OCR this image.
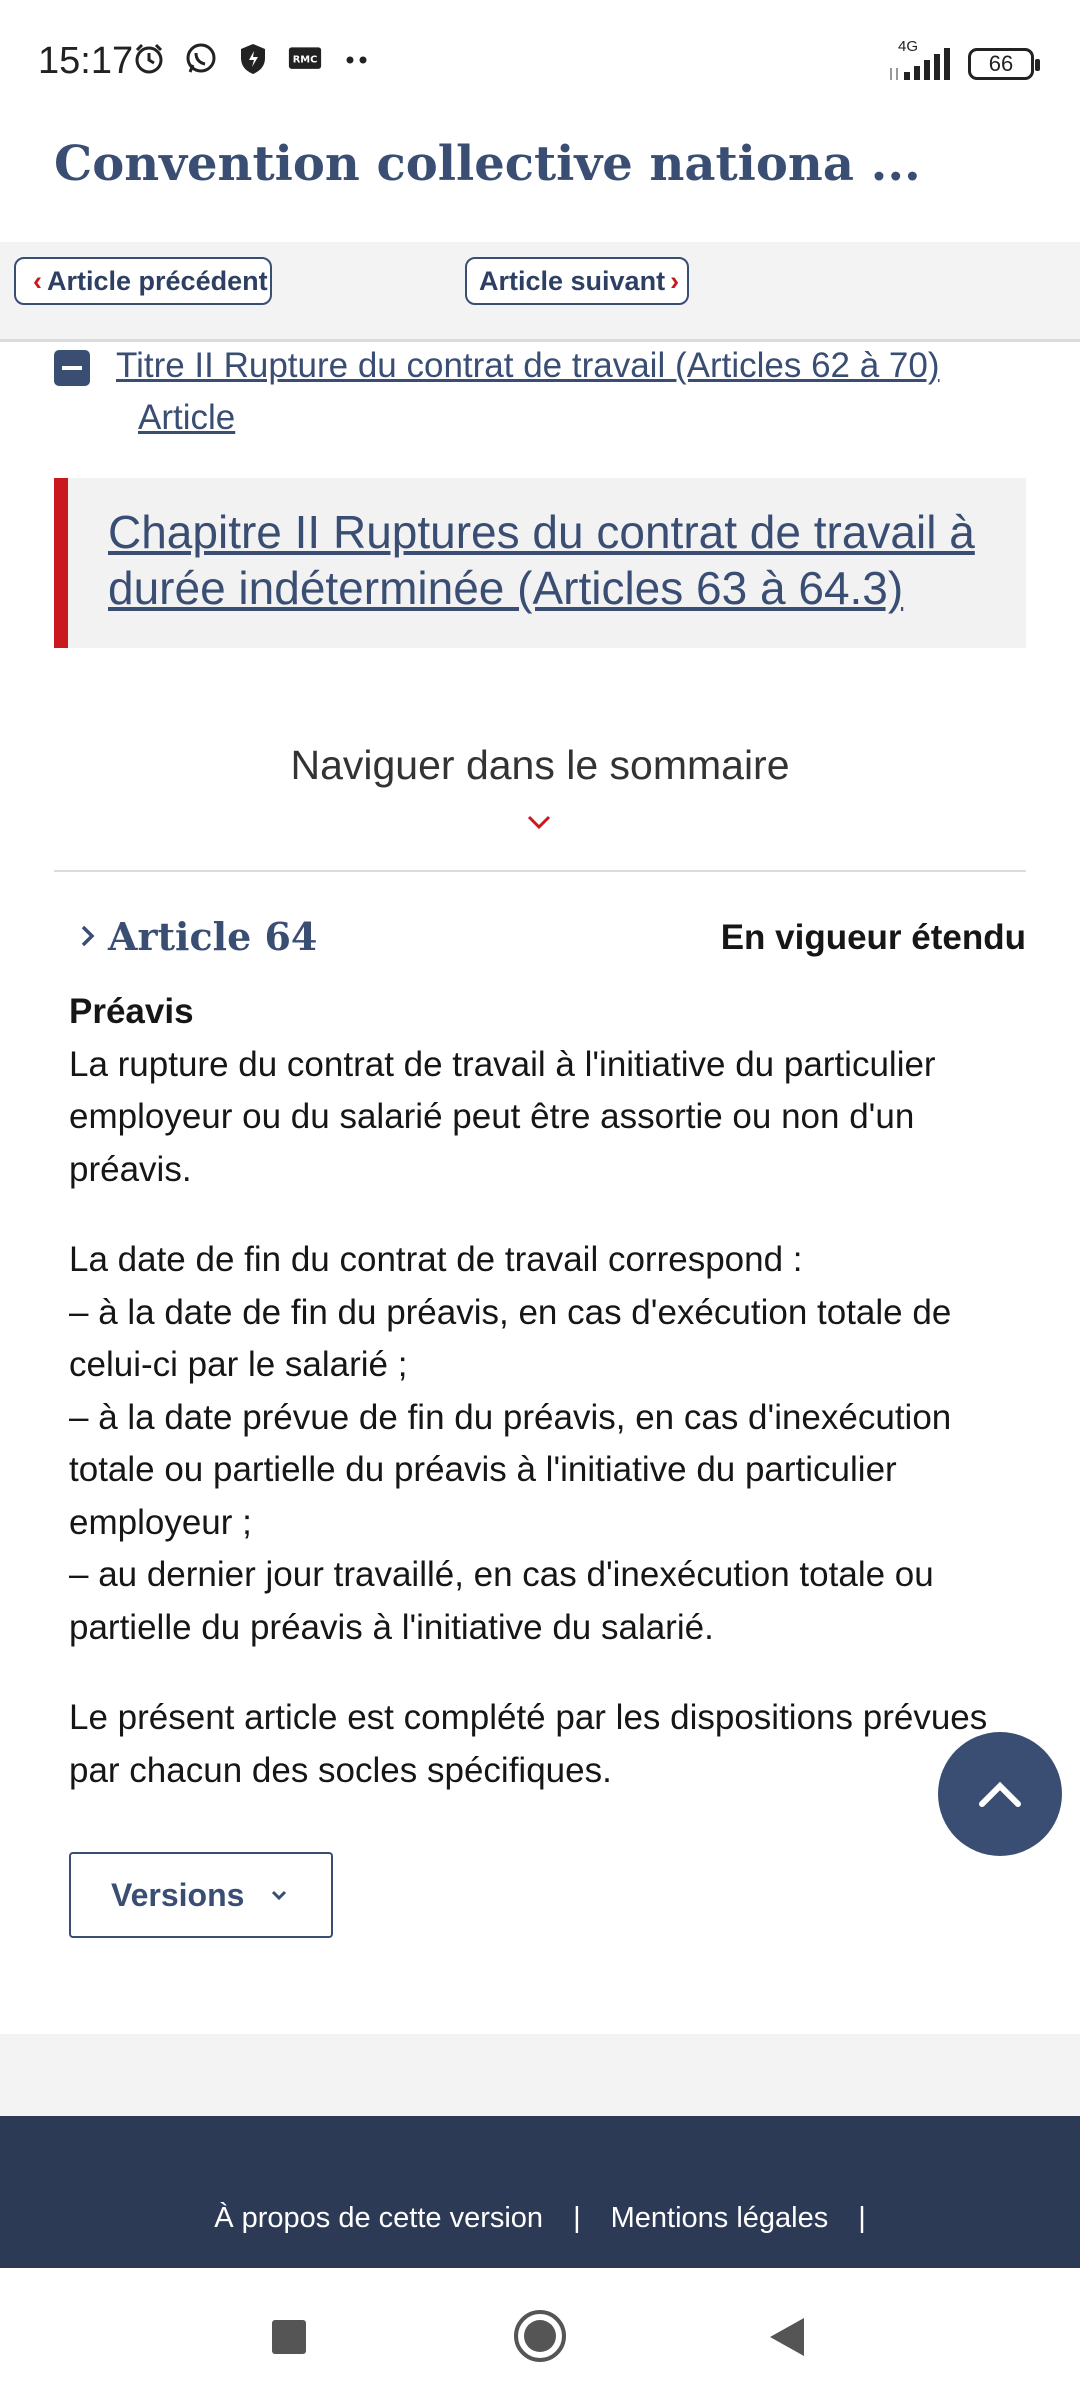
15:17	RMC
4G
66
Convention collective nationa ...
‹ Article précédent	Article suivant ›
Titre II Rupture du contrat de travail (Articles 62 à 70)
Article
Chapitre II Ruptures du contrat de travail à durée indéterminée (Articles 63 à 64.3)
Naviguer dans le sommaire
Article 64	En vigueur étendu
Préavis

La rupture du contrat de travail à l'initiative du particulier employeur ou du salarié peut être assortie ou non d'un préavis.

La date de fin du contrat de travail correspond :
– à la date de fin du préavis, en cas d'exécution totale de celui-ci par le salarié ;
– à la date prévue de fin du préavis, en cas d'inexécution totale ou partielle du préavis à l'initiative du particulier employeur ;
– au dernier jour travaillé, en cas d'inexécution totale ou partielle du préavis à l'initiative du salarié.

Le présent article est complété par les dispositions prévues par chacun des socles spécifiques.

Versions
À propos de cette version | Mentions légales |
